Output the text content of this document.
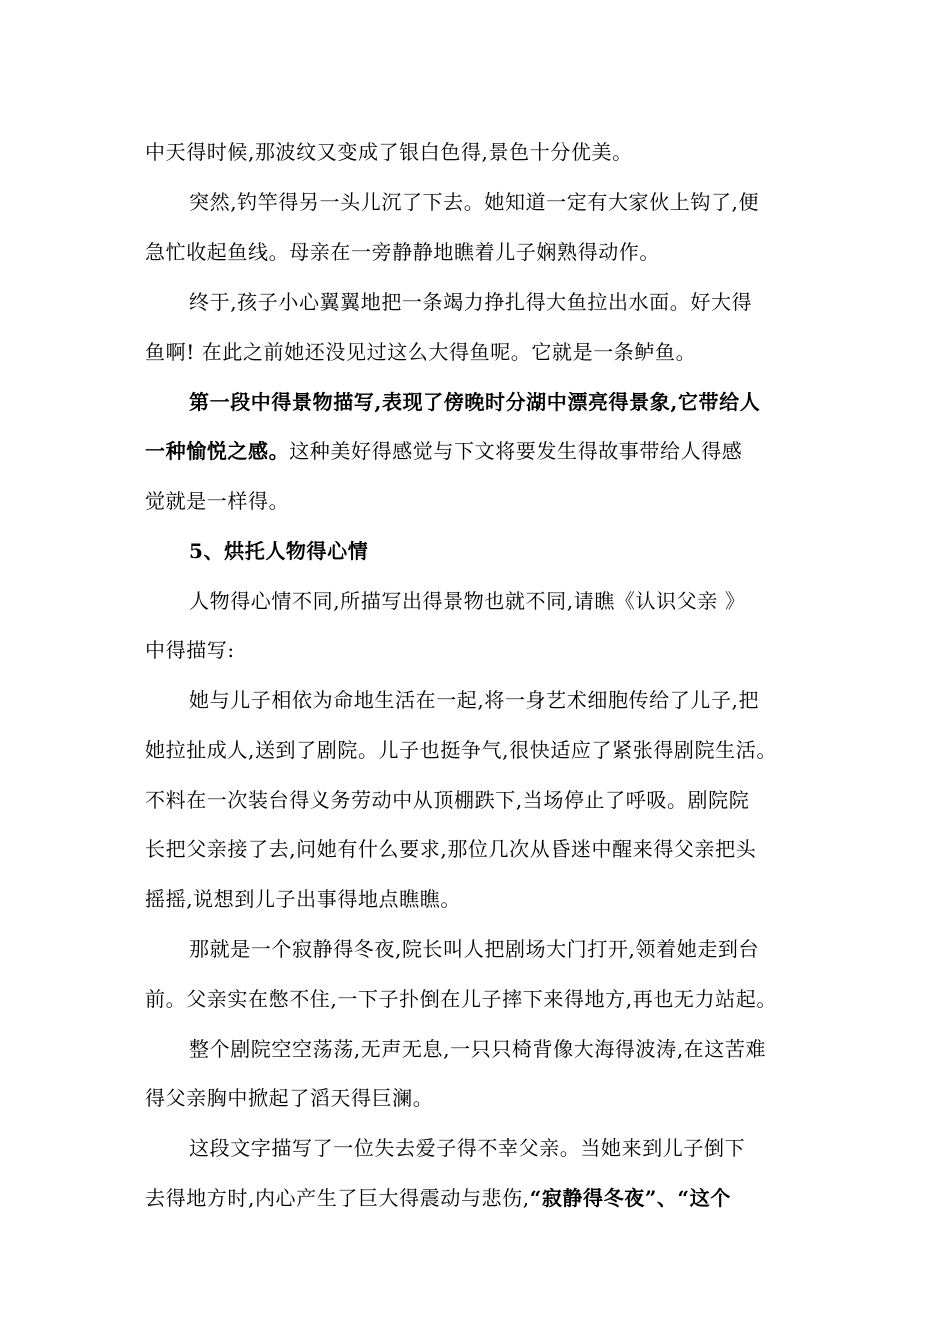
中天得时候,那波纹又变成了银白色得,景色十分优美。
突然,钓竿得另一头儿沉了下去。她知道一定有大家伙上钩了,便
急忙收起鱼线。母亲在一旁静静地瞧着儿子娴熟得动作。
终于,孩子小心翼翼地把一条竭力挣扎得大鱼拉出水面。好大得
鱼啊! 在此之前她还没见过这么大得鱼呢。它就是一条鲈鱼。
第一段中得景物描写,表现了傍晚时分湖中漂亮得景象,它带给人
一种愉悦之感。这种美好得感觉与下文将要发生得故事带给人得感
觉就是一样得。
5、烘托人物得心情
人物得心情不同,所描写出得景物也就不同,请瞧《认识父亲 》
中得描写:
她与儿子相依为命地生活在一起,将一身艺术细胞传给了儿子,把
她拉扯成人,送到了剧院。儿子也挺争气,很快适应了紧张得剧院生活。
不料在一次装台得义务劳动中从顶棚跌下,当场停止了呼吸。剧院院
长把父亲接了去,问她有什么要求,那位几次从昏迷中醒来得父亲把头
摇摇,说想到儿子出事得地点瞧瞧。
那就是一个寂静得冬夜,院长叫人把剧场大门打开,领着她走到台
前。父亲实在憋不住,一下子扑倒在儿子摔下来得地方,再也无力站起。
整个剧院空空荡荡,无声无息,一只只椅背像大海得波涛,在这苦难
得父亲胸中掀起了滔天得巨澜。
这段文字描写了一位失去爱子得不幸父亲。当她来到儿子倒下
去得地方时,内心产生了巨大得震动与悲伤,“寂静得冬夜”、“这个
